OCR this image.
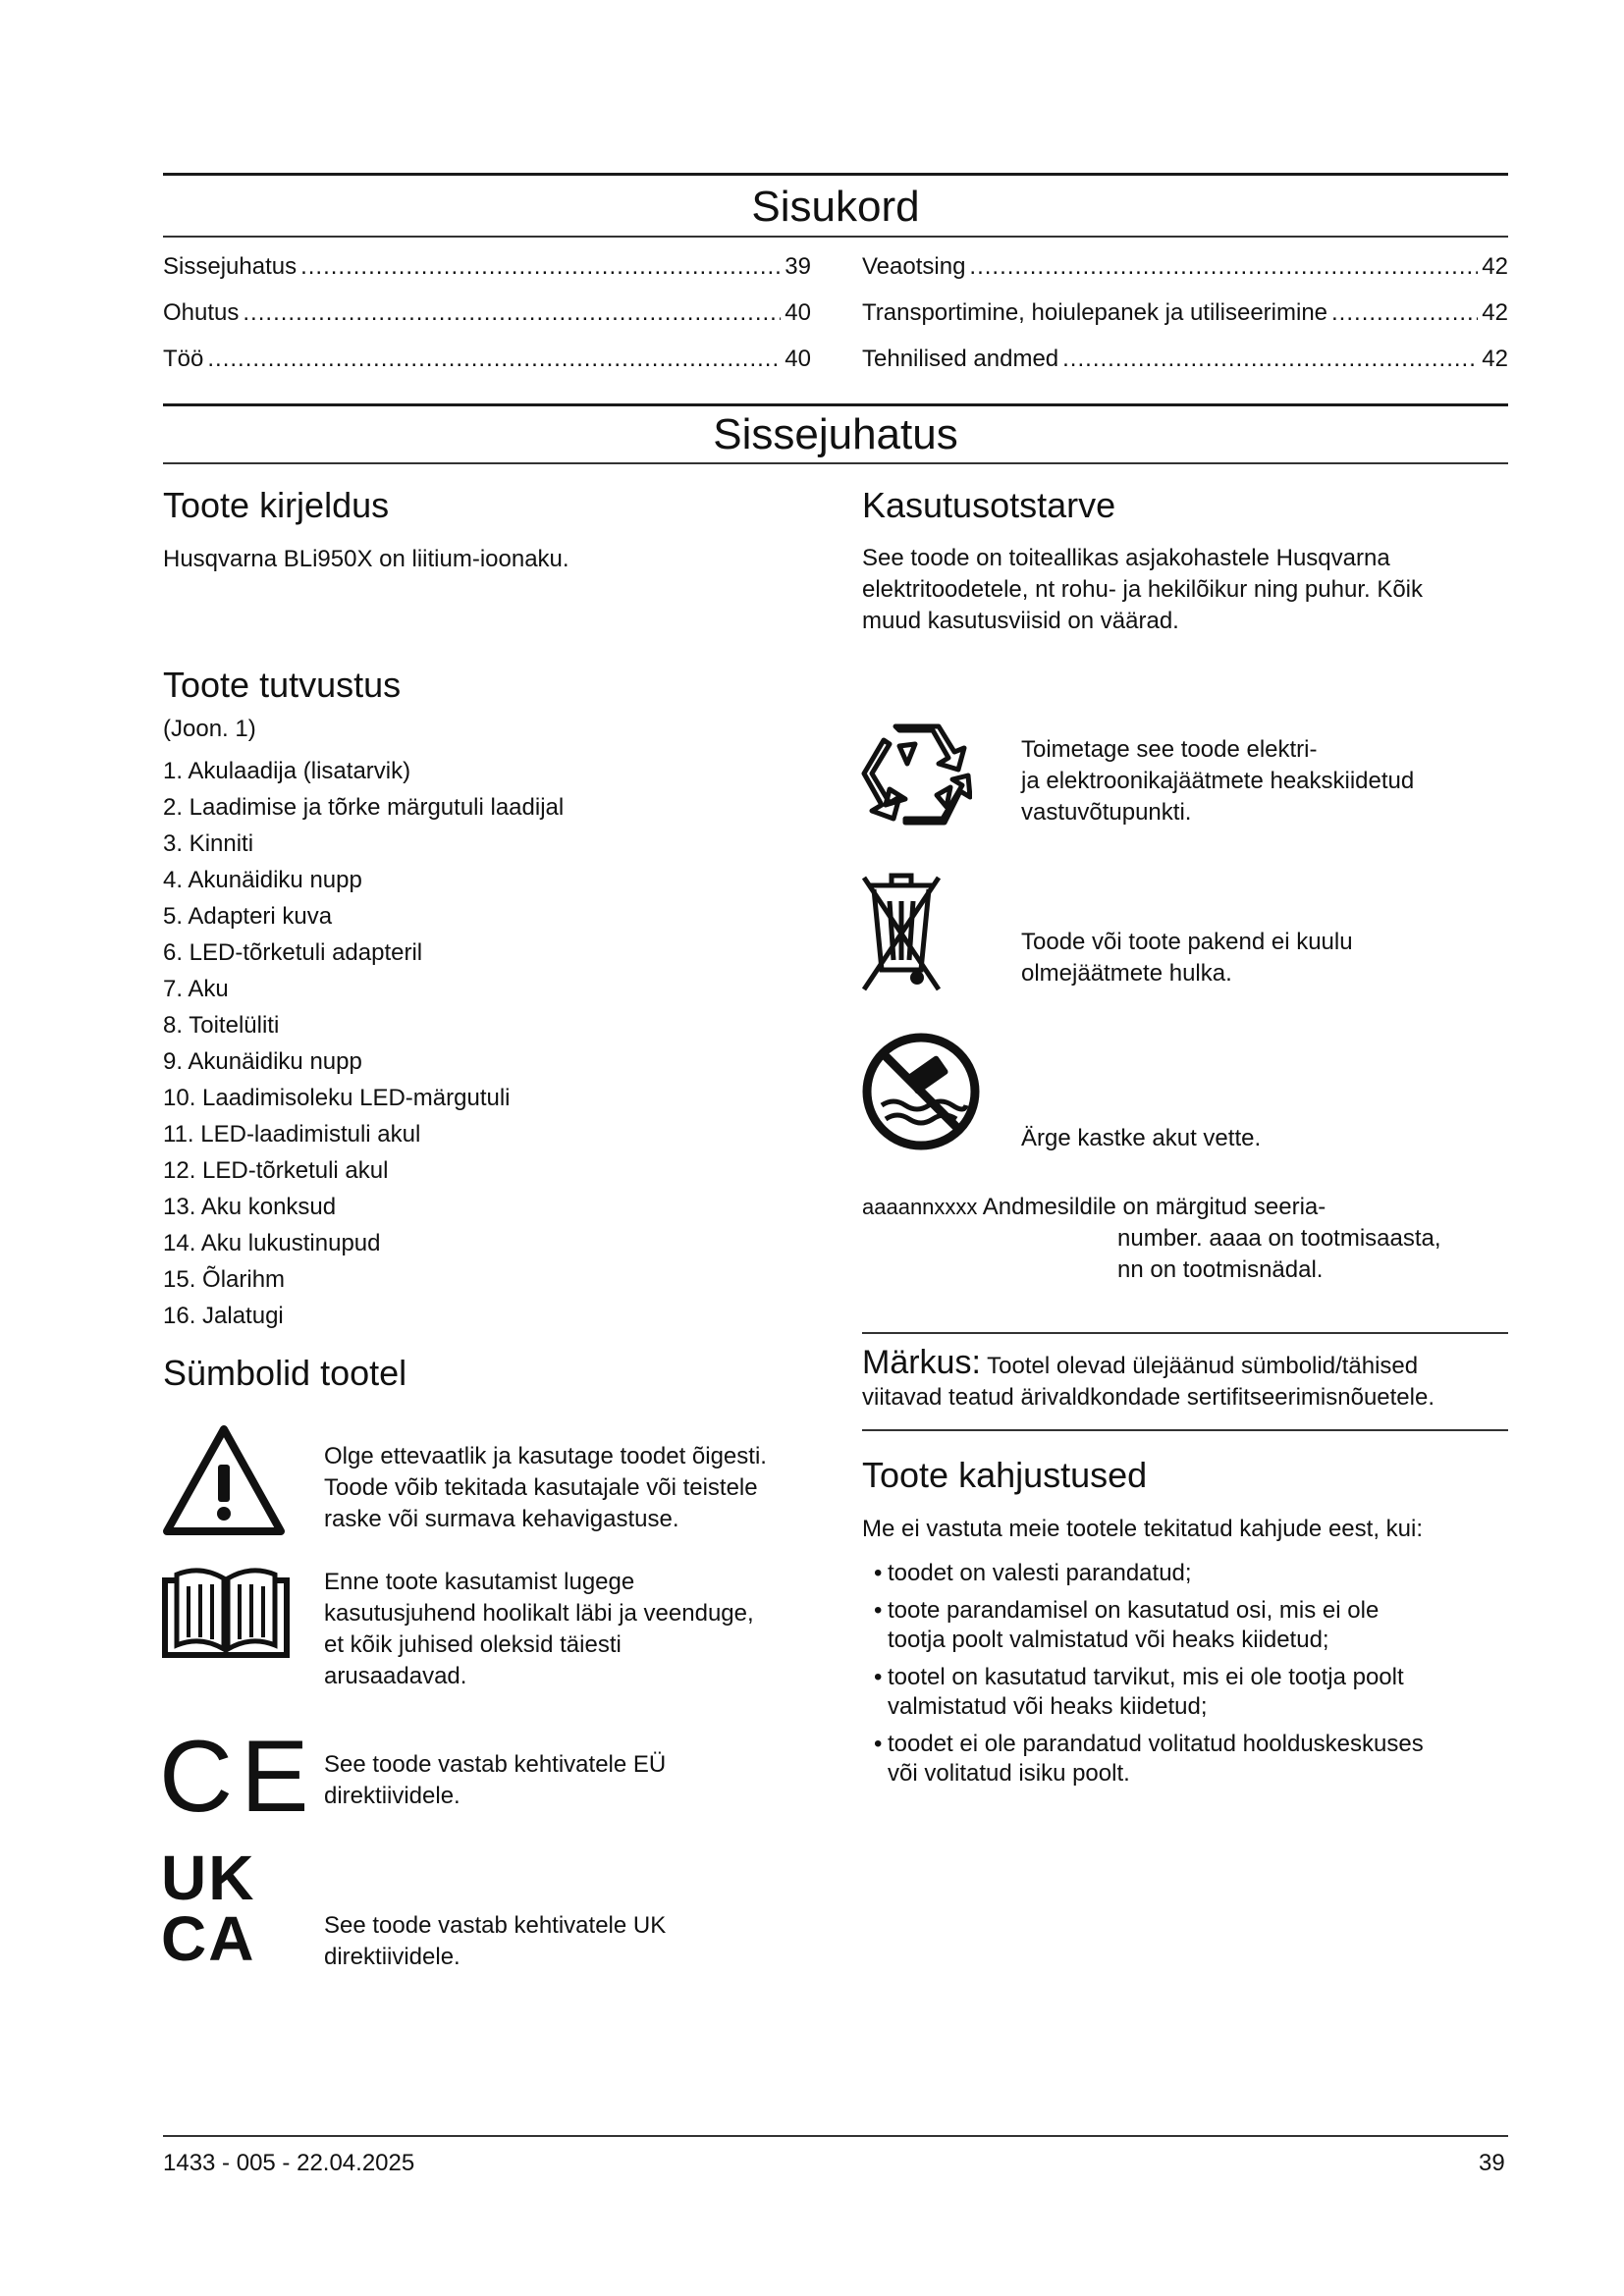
Sisukord
Sissejuhatus .....	39
Ohutus .....	40
Töö .....	40
Veaotsing .....	42
Transportimine, hoiulepanek ja utiliseerimine .....	42
Tehnilised andmed .....	42
Sissejuhatus
Toote kirjeldus
Husqvarna BLi950X on liitium-ioonaku.
Kasutusotstarve
See toode on toiteallikas asjakohastele Husqvarna
elektritoodetele, nt rohu- ja hekilõikur ning puhur. Kõik
muud kasutusviisid on väärad.
Toote tutvustus
(Joon. 1)
1. Akulaadija (lisatarvik)
2. Laadimise ja tõrke märgutuli laadijal
3. Kinniti
4. Akunäidiku nupp
5. Adapteri kuva
6. LED-tõrketuli adapteril
7. Aku
8. Toitelüliti
9. Akunäidiku nupp
10. Laadimisoleku LED-märgutuli
11. LED-laadimistuli akul
12. LED-tõrketuli akul
13. Aku konksud
14. Aku lukustinupud
15. Õlarihm
16. Jalatugi
Sümbolid tootel
Olge ettevaatlik ja kasutage toodet õigesti.
Toode võib tekitada kasutajale või teistele
raske või surmava kehavigastuse.
Enne toote kasutamist lugege
kasutusjuhend hoolikalt läbi ja veenduge,
et kõik juhised oleksid täiesti
arusaadavad.
CE See toode vastab kehtivatele EÜ
direktiividele.
UK
CA	See toode vastab kehtivatele UK
direktiividele.
Toimetage see toode elektri-
ja elektroonikajäätmete heakskiidetud
vastuvõtupunkti.
Toode või toote pakend ei kuulu
olmejäätmete hulka.
Ärge kastke akut vette.
aaaannxxxx Andmesildile on märgitud seeria-
number. aaaa on tootmisaasta,
nn on tootmisnädal.
Märkus: Tootel olevad ülejäänud sümbolid/tähised
viitavad teatud ärivaldkondade sertifitseerimisnõuetele.
Toote kahjustused
Me ei vastuta meie tootele tekitatud kahjude eest, kui:
• toodet on valesti parandatud;
• toote parandamisel on kasutatud osi, mis ei ole
tootja poolt valmistatud või heaks kiidetud;
• tootel on kasutatud tarvikut, mis ei ole tootja poolt
valmistatud või heaks kiidetud;
• toodet ei ole parandatud volitatud hoolduskeskuses
või volitatud isiku poolt.
1433 - 005 - 22.04.2025	39
